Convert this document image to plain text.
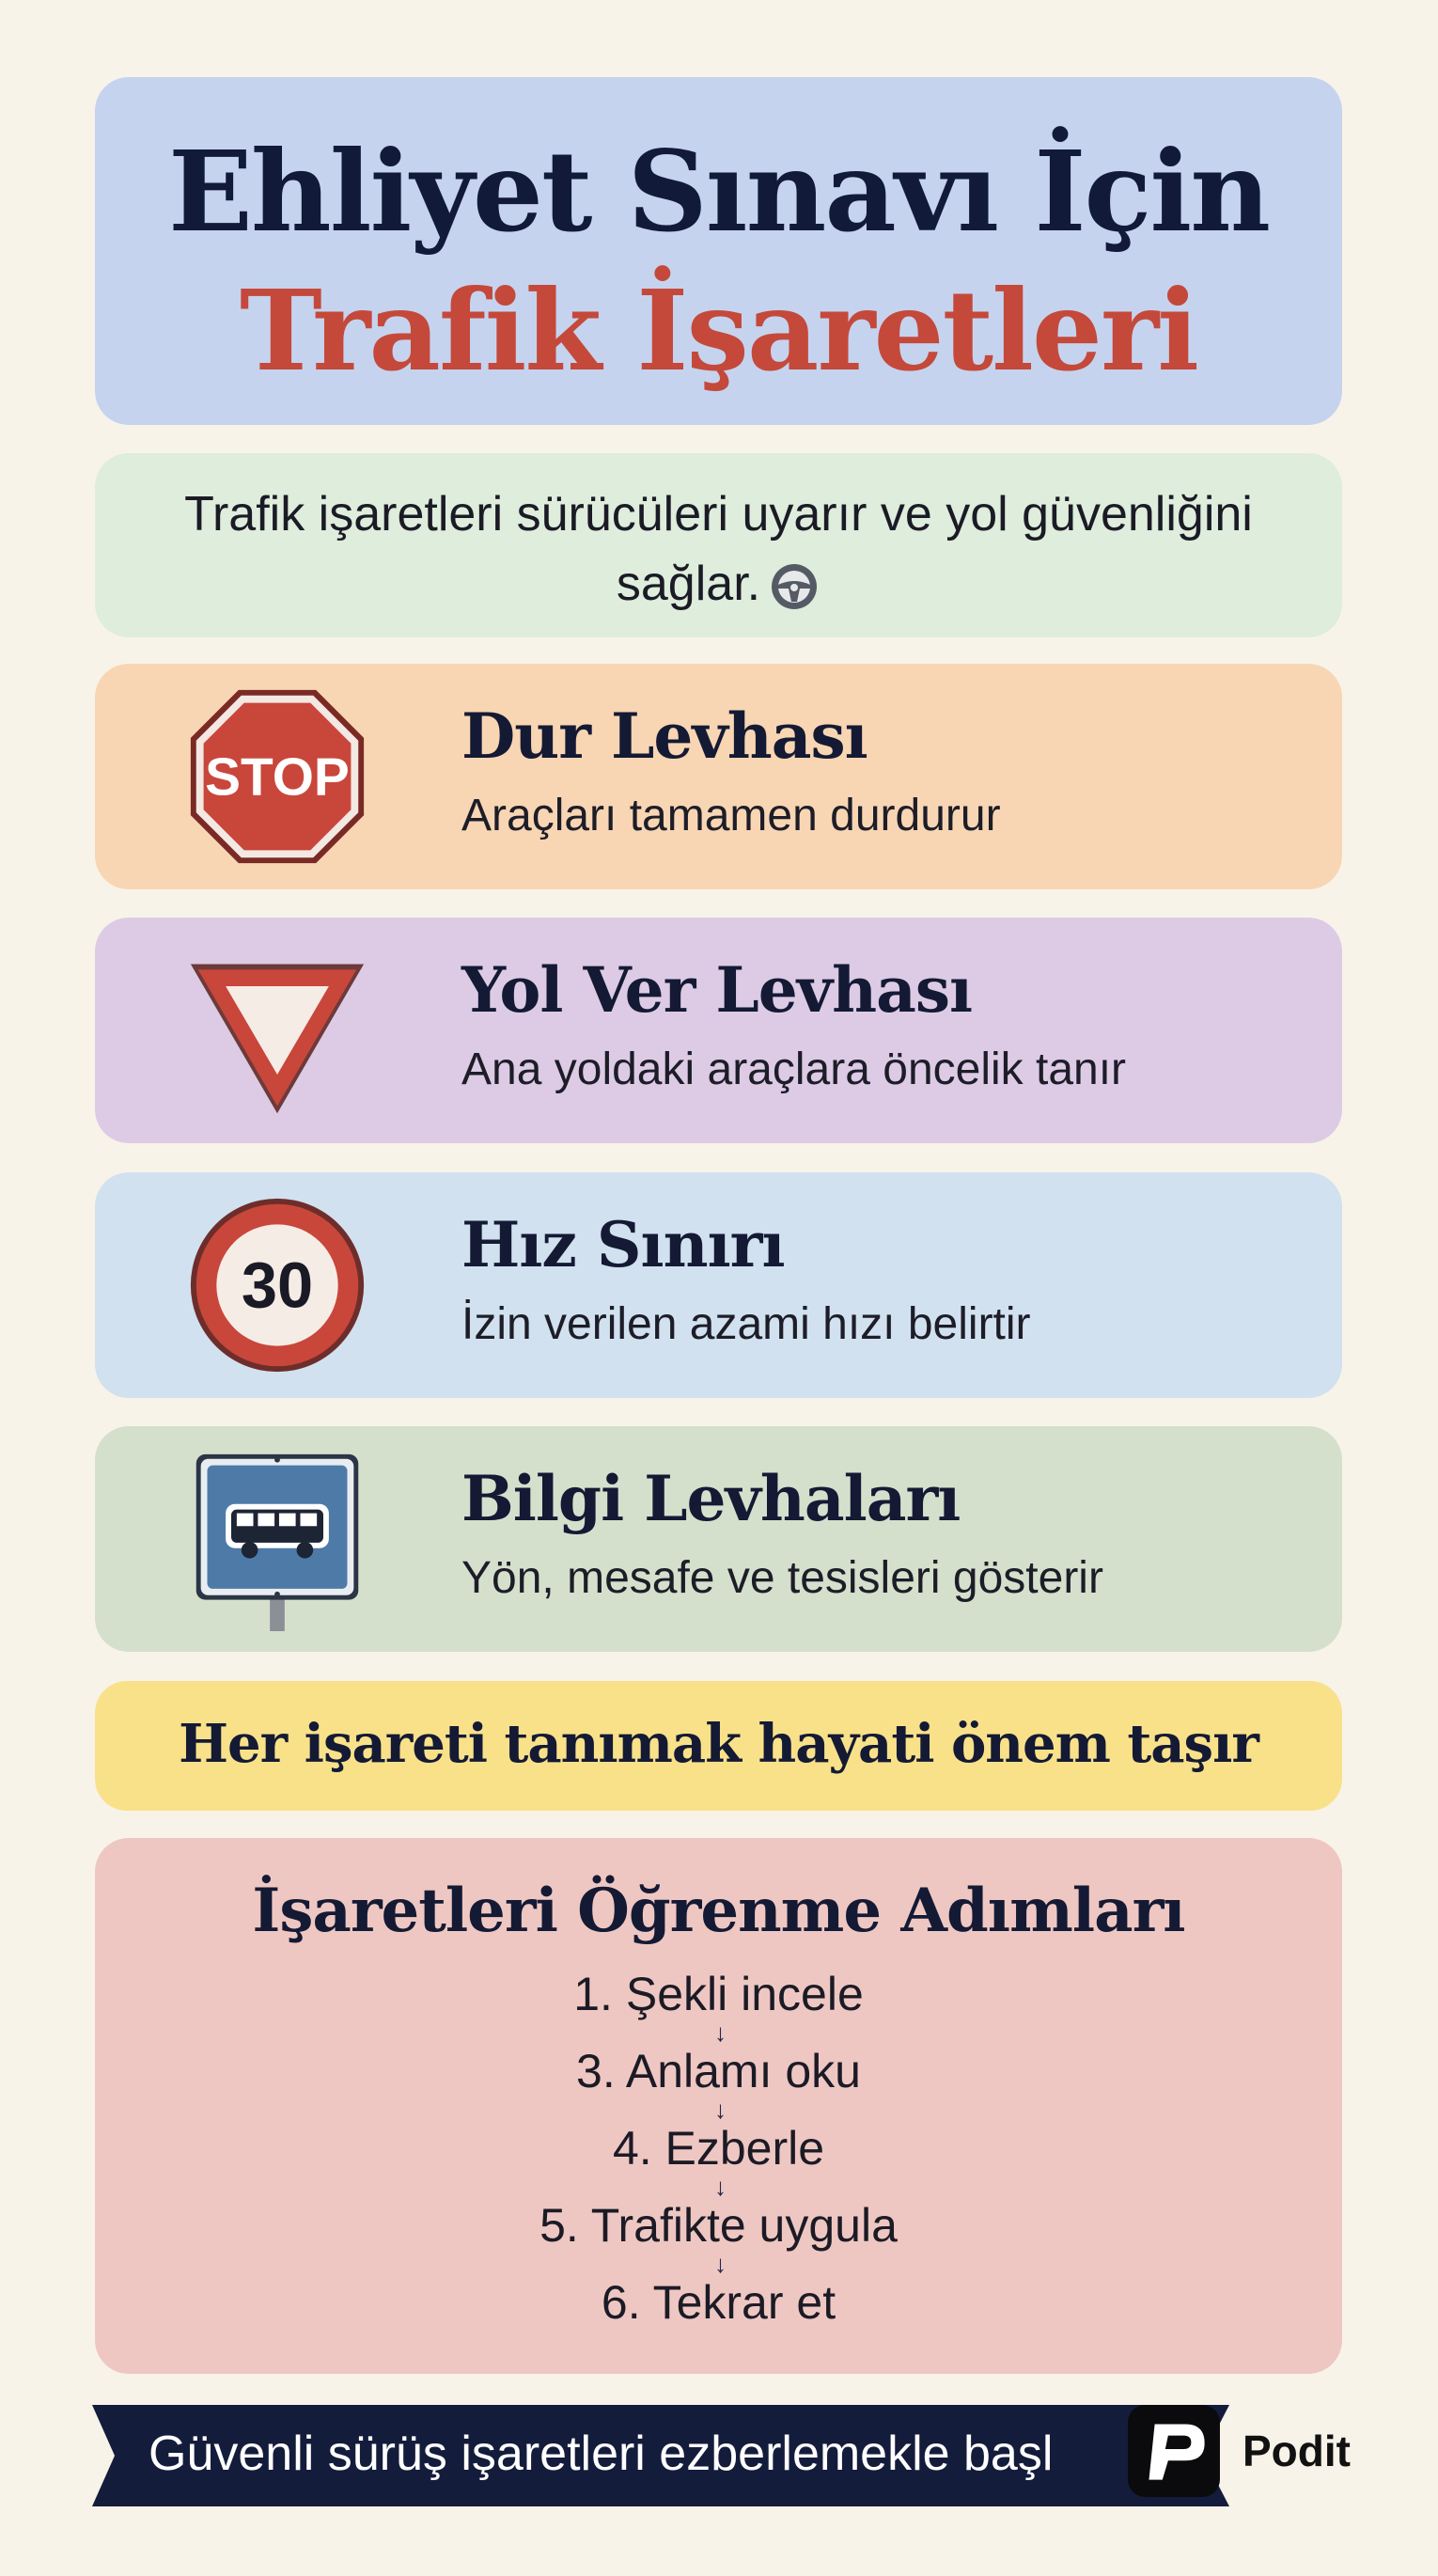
Ehliyet Sınavı İçin
Trafik İşaretleri
Trafik işaretleri sürücüleri uyarır ve yol güvenliğini sağlar.
STOP
Dur Levhası
Araçları tamamen durdurur
Yol Ver Levhası
Ana yoldaki araçlara öncelik tanır
30
Hız Sınırı
İzin verilen azami hızı belirtir
Bilgi Levhaları
Yön, mesafe ve tesisleri gösterir
Her işareti tanımak hayati önem taşır
İşaretleri Öğrenme Adımları
1. Şekli incele
↓
3. Anlamı oku
↓
4. Ezberle
↓
5. Trafikte uygula
↓
6. Tekrar et
Güvenli sürüş işaretleri ezberlemekle başl	Podit
